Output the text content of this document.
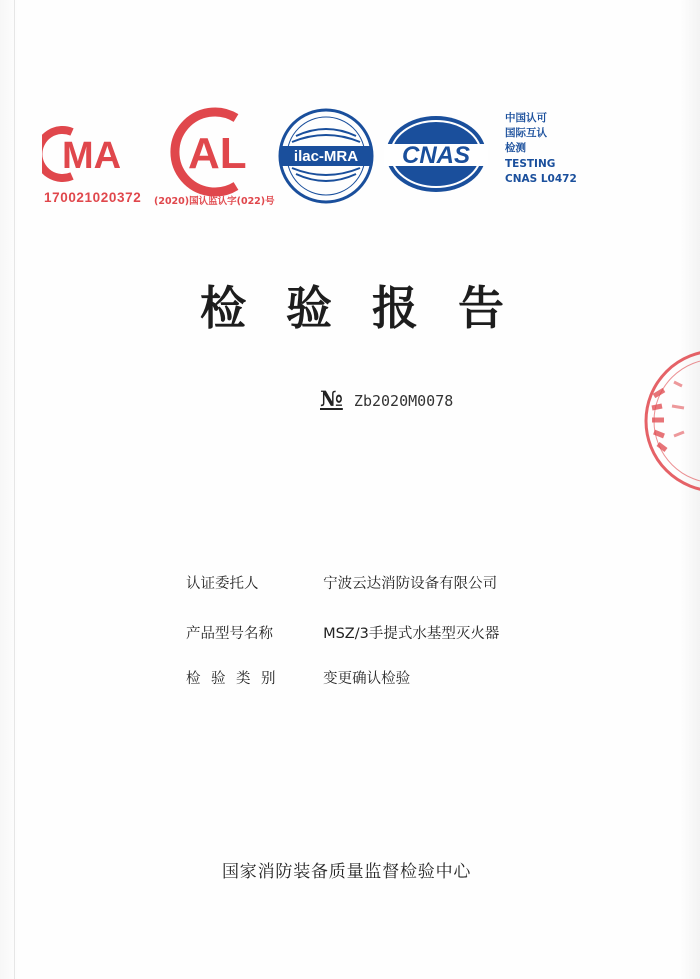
MA AL	ilac-MRA CNAS
170021020372 (2020)国认监认字(022)号
中国认可
国际互认
检测
TESTING
CNAS L0472
检验报告
№ Zb2020M0078
认证委托人	宁波云达消防设备有限公司
产品型号名称	MSZ/3手提式水基型灭火器
检验类别	变更确认检验
国家消防装备质量监督检验中心
